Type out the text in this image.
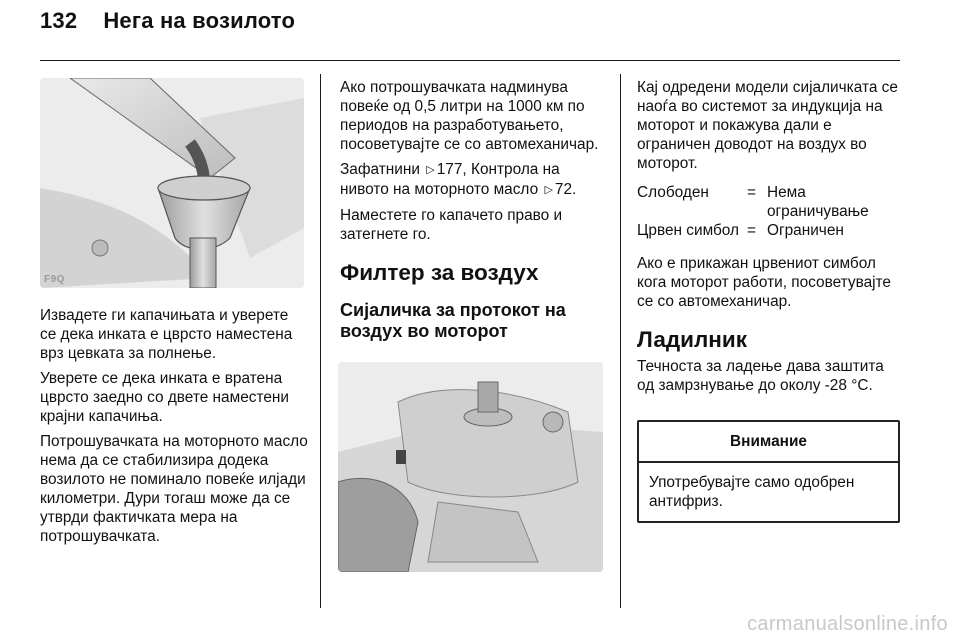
132 Нега на возилото
F9Q

Извадете ги капачињата и уверете се дека инката е цврсто наместена врз цевката за полнење.

Уверете се дека инката е вратена цврсто заедно со двете наместени крајни капачиња.

Потрошувачката на моторното масло нема да се стабилизира додека возилото не поминало повеќе илјади километри. Дури тогаш може да се утврди фактичката мера на потрошувачката.

Ако потрошувачката надминува повеќе од 0,5 литри на 1000 км по периодов на разработувањето, посоветувајте се со автомеханичар.

Зафатнини ▷ 177, Контрола на нивото на моторното масло ▷ 72.

Наместете го капачето право и затегнете го.

Филтер за воздух
Сијаличка за протокот на воздух во моторот

Кај одредени модели сијаличката се наоѓа во системот за индукција на моторот и покажува дали е ограничен доводот на воздух во моторот.

Слободен	=	Нема ограничување
Црвен симбол	=	Ограничен

Ако е прикажан црвениот симбол кога моторот работи, посоветувајте се со автомеханичар.

Ладилник

Течноста за ладење дава заштита од замрзнување до околу -28 °C.

Внимание
Употребувајте само одобрен антифриз.
carmanualsonline.info
